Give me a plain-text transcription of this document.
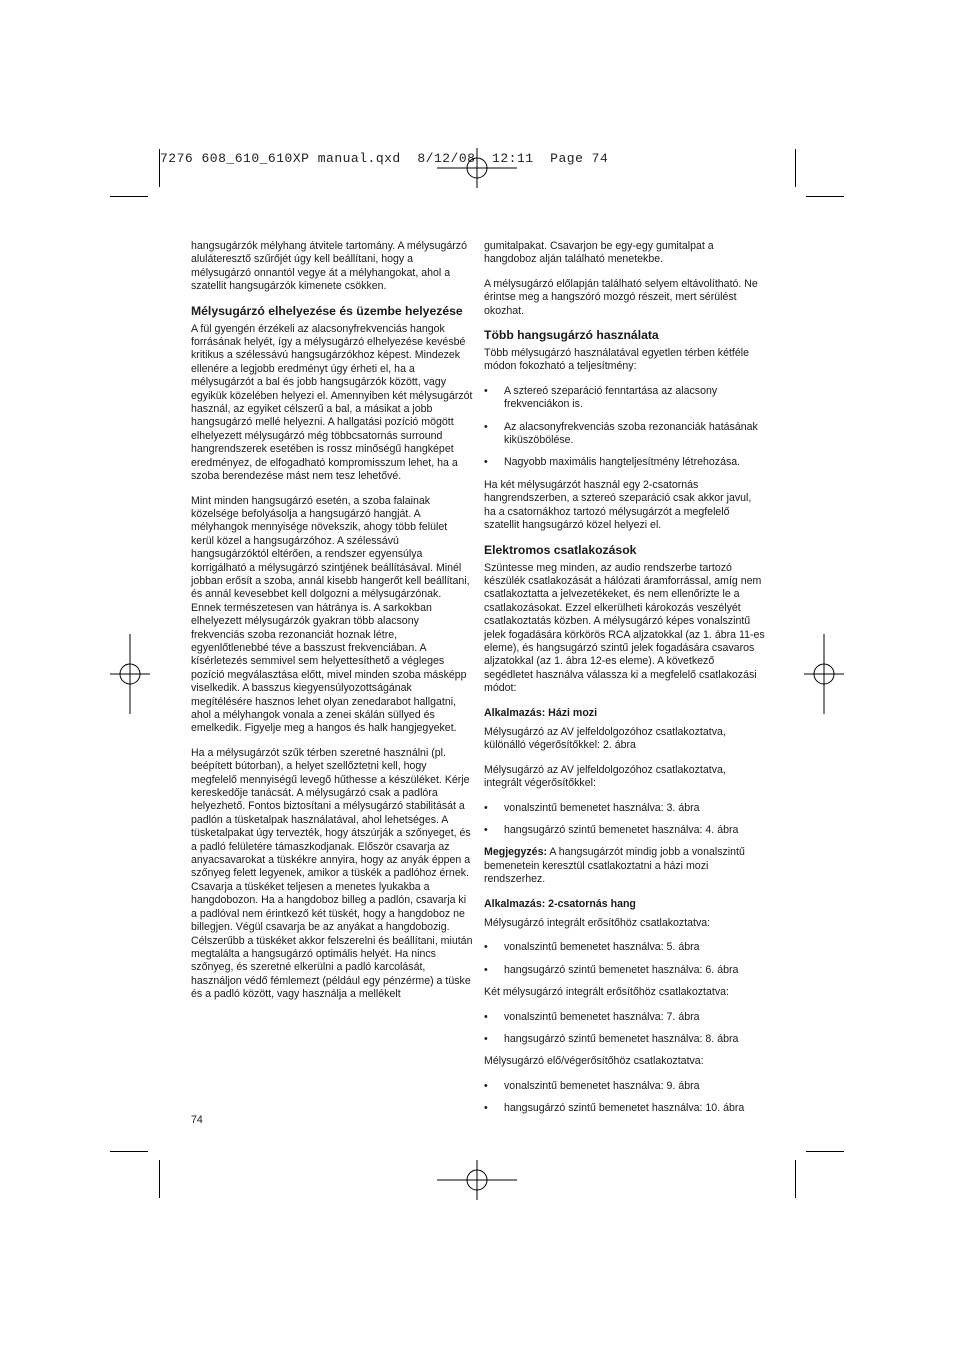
7276 608_610_610XP manual.qxd  8/12/08  12:11  Page 74

hangsugárzók mélyhang átvitele tartomány. A mélysugárzó aluláteresztő szűrőjét úgy kell beállítani, hogy a mélysugárzó onnantól vegye át a mélyhangokat, ahol a szatellit hangsugárzók kimenete csökken.

Mélysugárzó elhelyezése és üzembe helyezése

A fül gyengén érzékeli az alacsonyfrekvenciás hangok forrásának helyét, így a mélysugárzó elhelyezése kevésbé kritikus a szélessávú hangsugárzókhoz képest. Mindezek ellenére a legjobb eredményt úgy érheti el, ha a mélysugárzót a bal és jobb hangsugárzók között, vagy egyikük közelében helyezi el. Amennyiben két mélysugárzót használ, az egyiket célszerű a bal, a másikat a jobb hangsugárzó mellé helyezni. A hallgatási pozíció mögött elhelyezett mélysugárzó még többcsatornás surround hangrendszerek esetében is rossz minőségű hangképet eredményez, de elfogadható kompromisszum lehet, ha a szoba berendezése mást nem tesz lehetővé.

Mint minden hangsugárzó esetén, a szoba falainak közelsége befolyásolja a hangsugárzó hangját. A mélyhangok mennyisége növekszik, ahogy több felület kerül közel a hangsugárzóhoz. A szélessávú hangsugárzóktól eltérően, a rendszer egyensúlya korrigálható a mélysugárzó szintjének beállításával. Minél jobban erősít a szoba, annál kisebb hangerőt kell beállítani, és annál kevesebbet kell dolgozni a mélysugárzónak. Ennek természetesen van hátránya is. A sarkokban elhelyezett mélysugárzók gyakran több alacsony frekvenciás szoba rezonanciát hoznak létre, egyenlőtlenebbé téve a basszust frekvenciában. A kísérletezés semmivel sem helyettesíthető a végleges pozíció megválasztása előtt, mivel minden szoba másképp viselkedik. A basszus kiegyensúlyozottságának megítélésére hasznos lehet olyan zenedarabot hallgatni, ahol a mélyhangok vonala a zenei skálán süllyed és emelkedik. Figyelje meg a hangos és halk hangjegyeket.

Ha a mélysugárzót szűk térben szeretné használni (pl. beépített bútorban), a helyet szellőztetni kell, hogy megfelelő mennyiségű levegő hűthesse a készüléket. Kérje kereskedője tanácsát. A mélysugárzó csak a padlóra helyezhető. Fontos biztosítani a mélysugárzó stabilitását a padlón a tüsketalpak használatával, ahol lehetséges. A tüsketalpakat úgy tervezték, hogy átszúrják a szőnyeget, és a padló felületére támaszkodjanak. Először csavarja az anyacsavarokat a tüskékre annyira, hogy az anyák éppen a szőnyeg felett legyenek, amikor a tüskék a padlóhoz érnek. Csavarja a tüskéket teljesen a menetes lyukakba a hangdobozon. Ha a hangdoboz billeg a padlón, csavarja ki a padlóval nem érintkező két tüskét, hogy a hangdoboz ne billegjen. Végül csavarja be az anyákat a hangdobozig. Célszerűbb a tüskéket akkor felszerelni és beállítani, miután megtalálta a hangsugárzó optimális helyét. Ha nincs szőnyeg, és szeretné elkerülni a padló karcolását, használjon védő fémlemezt (például egy pénzérme) a tüske és a padló között, vagy használja a mellékelt

gumitalpakat. Csavarjon be egy-egy gumitalpat a hangdoboz alján található menetekbe.

A mélysugárzó előlapján található selyem eltávolítható. Ne érintse meg a hangszóró mozgó részeit, mert sérülést okozhat.

Több hangsugárzó használata

Több mélysugárzó használatával egyetlen térben kétféle módon fokozható a teljesítmény:

• A sztereó szeparáció fenntartása az alacsony frekvenciákon is.
• Az alacsonyfrekvenciás szoba rezonanciák hatásának kiküszöbölése.
• Nagyobb maximális hangteljesítmény létrehozása.

Ha két mélysugárzót használ egy 2-csatornás hangrendszerben, a sztereó szeparáció csak akkor javul, ha a csatornákhoz tartozó mélysugárzót a megfelelő szatellit hangsugárzó közel helyezi el.

Elektromos csatlakozások

Szüntesse meg minden, az audio rendszerbe tartozó készülék csatlakozását a hálózati áramforrással, amíg nem csatlakoztatta a jelvezetékeket, és nem ellenőrizte le a csatlakozásokat. Ezzel elkerülheti károkozás veszélyét csatlakoztatás közben. A mélysugárzó képes vonalszintű jelek fogadására körkörös RCA aljzatokkal (az 1. ábra 11-es eleme), és hangsugárzó szintű jelek fogadására csavaros aljzatokkal (az 1. ábra 12-es eleme). A következő segédletet használva válassza ki a megfelelő csatlakozási módot:

Alkalmazás: Házi mozi

Mélysugárzó az AV jelfeldolgozóhoz csatlakoztatva, különálló végerősítőkkel: 2. ábra

Mélysugárzó az AV jelfeldolgozóhoz csatlakoztatva, integrált végerősítőkkel:

• vonalszintű bemenetet használva: 3. ábra
• hangsugárzó szintű bemenetet használva: 4. ábra

Megjegyzés: A hangsugárzót mindig jobb a vonalszintű bemenetein keresztül csatlakoztatni a házi mozi rendszerhez.

Alkalmazás: 2-csatornás hang

Mélysugárzó integrált erősítőhöz csatlakoztatva:

• vonalszintű bemenetet használva: 5. ábra
• hangsugárzó szintű bemenetet használva: 6. ábra

Két mélysugárzó integrált erősítőhöz csatlakoztatva:

• vonalszintű bemenetet használva: 7. ábra
• hangsugárzó szintű bemenetet használva: 8. ábra

Mélysugárzó elő/végerősítőhöz csatlakoztatva:

• vonalszintű bemenetet használva: 9. ábra
• hangsugárzó szintű bemenetet használva: 10. ábra
74
